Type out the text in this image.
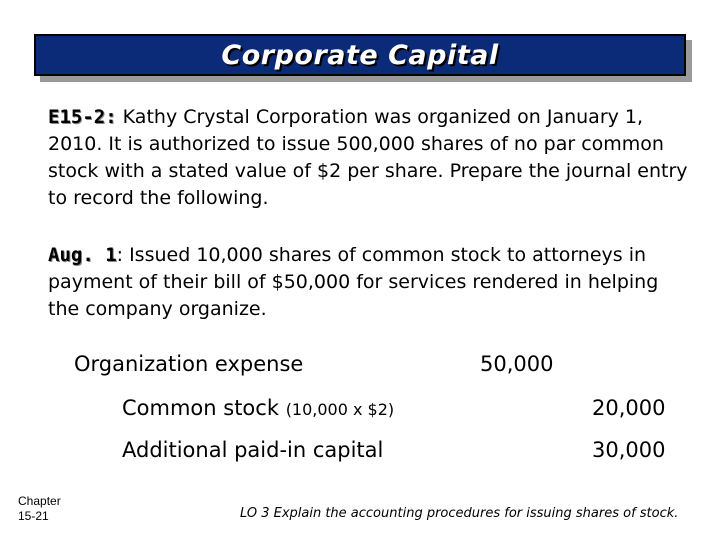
Corporate Capital
E15-2: Kathy Crystal Corporation was organized on January 1, 2010. It is authorized to issue 500,000 shares of no par common stock with a stated value of $2 per share. Prepare the journal entry to record the following.
Aug. 1: Issued 10,000 shares of common stock to attorneys in payment of their bill of $50,000 for services rendered in helping the company organize.
Organization expense	50,000
Common stock (10,000 x $2)	20,000
Additional paid-in capital	30,000
Chapter
15-21	LO 3 Explain the accounting procedures for issuing shares of stock.
